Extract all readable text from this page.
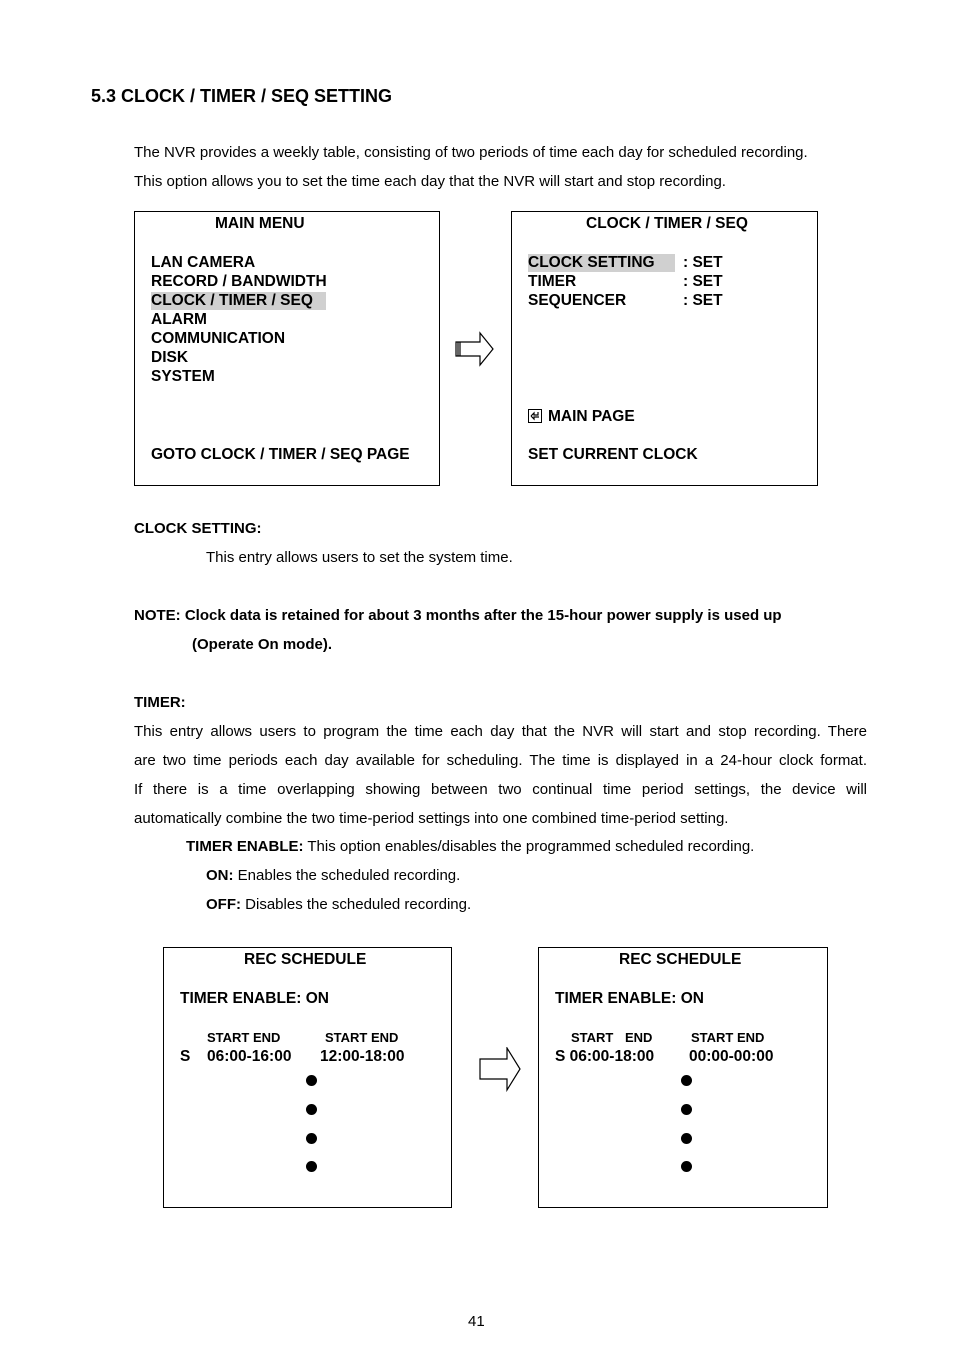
5.3 CLOCK / TIMER / SEQ SETTING
The NVR provides a weekly table, consisting of two periods of time each day for scheduled recording.
This option allows you to set the time each day that the NVR will start and stop recording.
MAIN MENU
LAN CAMERA
RECORD / BANDWIDTH
CLOCK / TIMER / SEQ
ALARM
COMMUNICATION
DISK
SYSTEM
GOTO CLOCK / TIMER / SEQ PAGE
CLOCK / TIMER / SEQ
CLOCK SETTING	: SET
TIMER	: SET
SEQUENCER	: SET
MAIN PAGE
SET CURRENT CLOCK
CLOCK SETTING:
This entry allows users to set the system time.
NOTE: Clock data is retained for about 3 months after the 15-hour power supply is used up
(Operate On mode).
TIMER:
This entry allows users to program the time each day that the NVR will start and stop recording. There
are two time periods each day available for scheduling. The time is displayed in a 24-hour clock format.
If there is a time overlapping showing between two continual time period settings, the device will
automatically combine the two time-period settings into one combined time-period setting.
TIMER ENABLE: This option enables/disables the programmed scheduled recording.
ON: Enables the scheduled recording.
OFF: Disables the scheduled recording.
REC SCHEDULE
TIMER ENABLE: ON
START END	START END
S 06:00-16:00 12:00-18:00
REC SCHEDULE
TIMER ENABLE: ON
START END	START END
S 06:00-18:00 00:00-00:00
41
